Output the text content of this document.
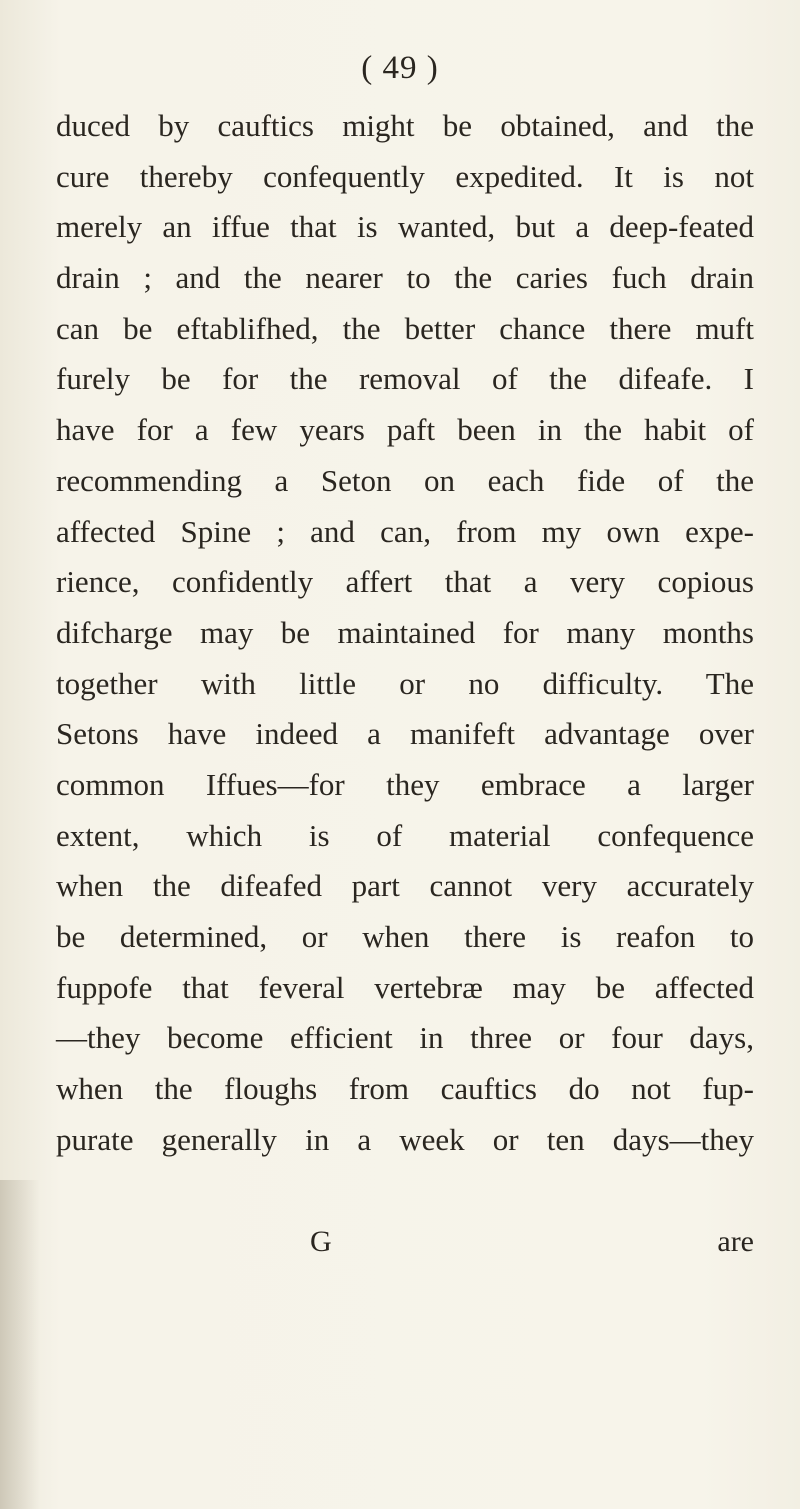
( 49 )
duced by cauftics might be obtained, and the
cure thereby confequently expedited. It is not
merely an iffue that is wanted, but a deep-feated
drain ; and the nearer to the caries fuch drain
can be eftablifhed, the better chance there muft
furely be for the removal of the difeafe. I
have for a few years paft been in the habit of
recommending a Seton on each fide of the
affected Spine ; and can, from my own expe-
rience, confidently affert that a very copious
difcharge may be maintained for many months
together with little or no difficulty. The
Setons have indeed a manifeft advantage over
common Iffues—for they embrace a larger
extent, which is of material confequence
when the difeafed part cannot very accurately
be determined, or when there is reafon to
fuppofe that feveral vertebræ may be affected
—they become efficient in three or four days,
when the floughs from cauftics do not fup-
purate generally in a week or ten days—they
G	are
